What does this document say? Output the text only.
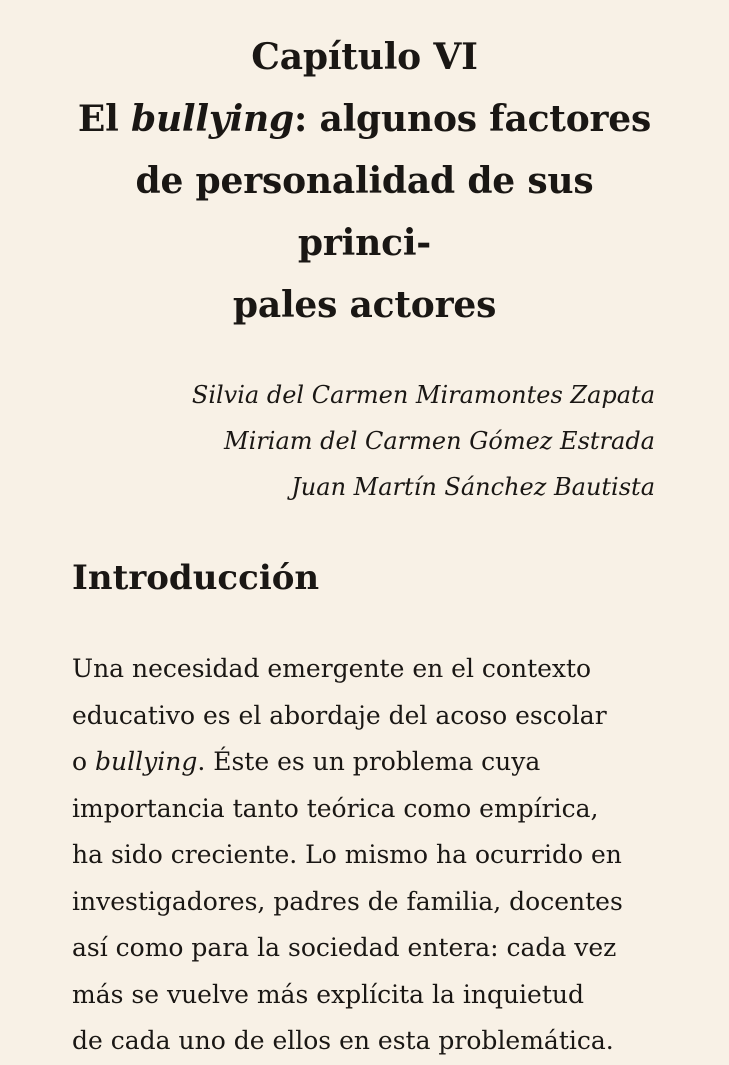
Capítulo VI
El bullying: algunos factores
de personalidad de sus princi-
pales actores
Silvia del Carmen Miramontes Zapata
Miriam del Carmen Gómez Estrada
Juan Martín Sánchez Bautista
Introducción
Una necesidad emergente en el contexto
educativo es el abordaje del acoso escolar
o bullying. Éste es un problema cuya
importancia tanto teórica como empírica,
ha sido creciente. Lo mismo ha ocurrido en
investigadores, padres de familia, docentes
así como para la sociedad entera: cada vez
más se vuelve más explícita la inquietud
de cada uno de ellos en esta problemática.
